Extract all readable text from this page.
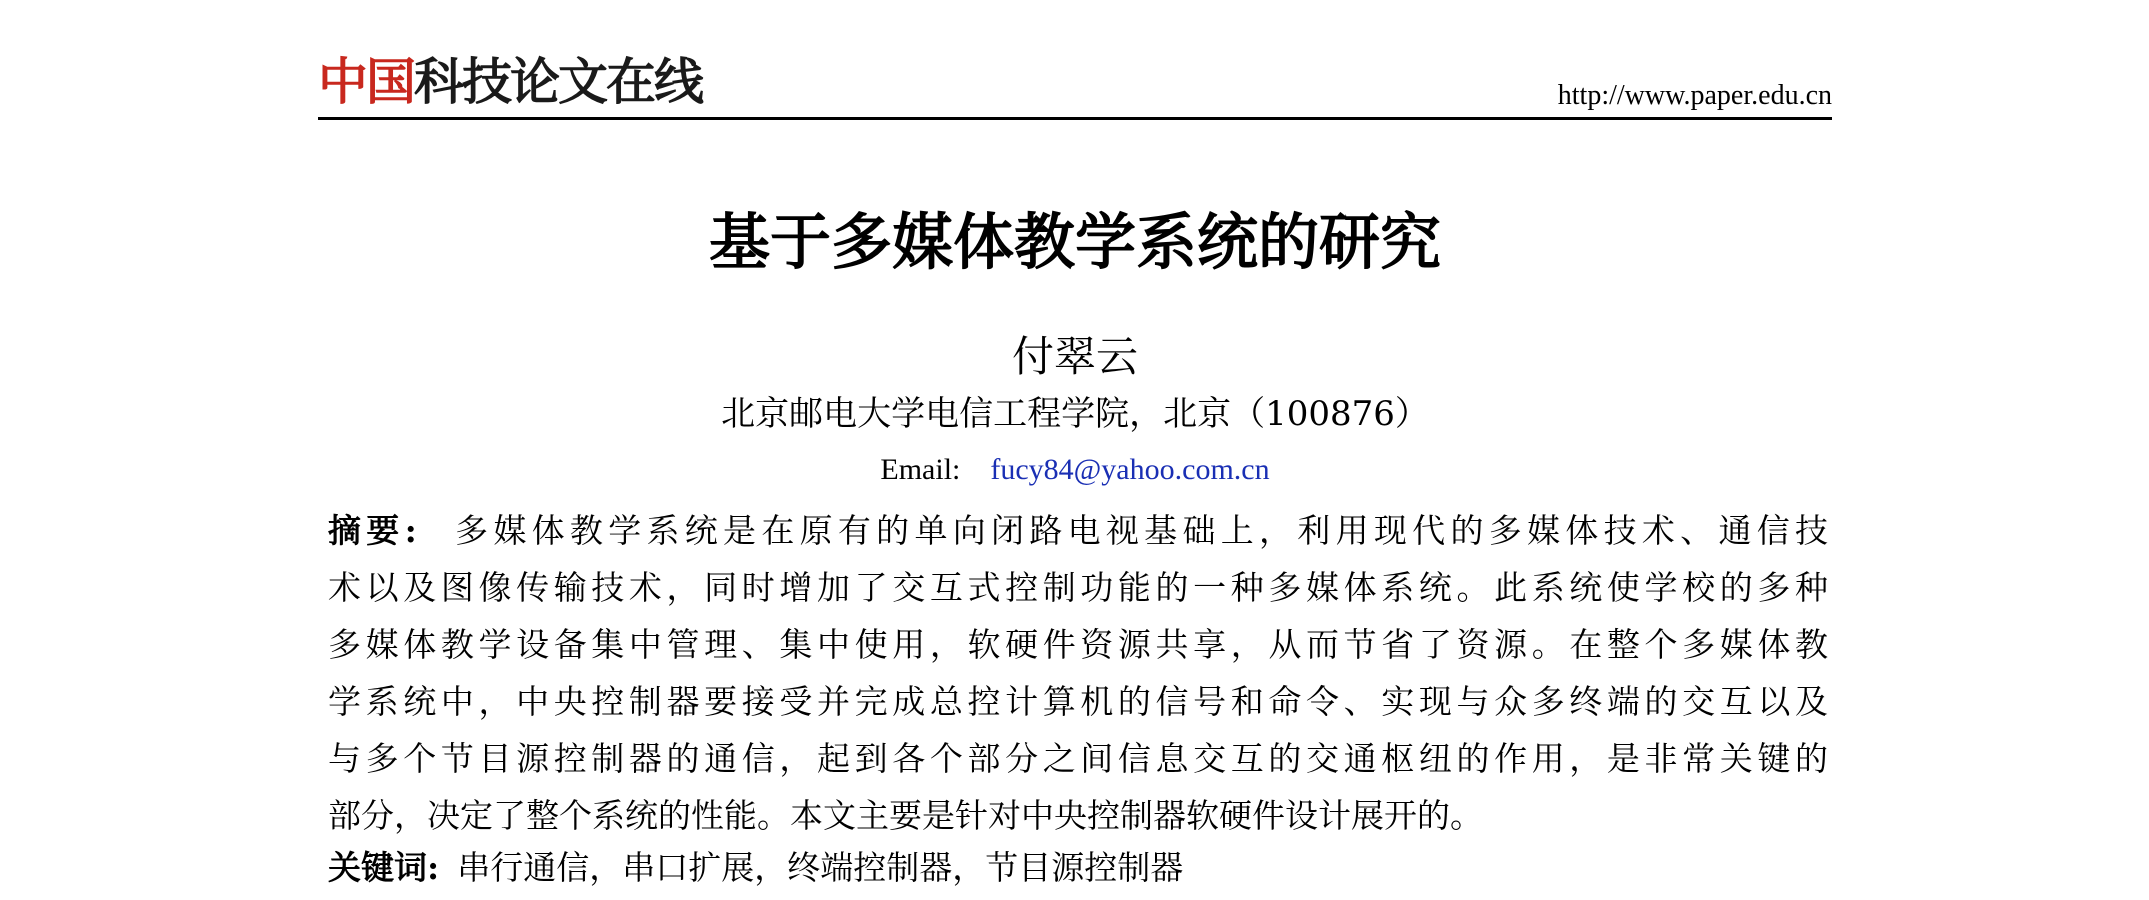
中国科技论文在线	http://www.paper.edu.cn
基于多媒体教学系统的研究
付翠云
北京邮电大学电信工程学院，北京（100876）
Email: fucy84@yahoo.com.cn
摘要:  多媒体教学系统是在原有的单向闭路电视基础上，利用现代的多媒体技术、通信技
术以及图像传输技术，同时增加了交互式控制功能的一种多媒体系统。此系统使学校的多种
多媒体教学设备集中管理、集中使用，软硬件资源共享，从而节省了资源。在整个多媒体教
学系统中，中央控制器要接受并完成总控计算机的信号和命令、实现与众多终端的交互以及
与多个节目源控制器的通信，起到各个部分之间信息交互的交通枢纽的作用，是非常关键的
部分，决定了整个系统的性能。本文主要是针对中央控制器软硬件设计展开的。
关键词: 串行通信，串口扩展，终端控制器，节目源控制器
